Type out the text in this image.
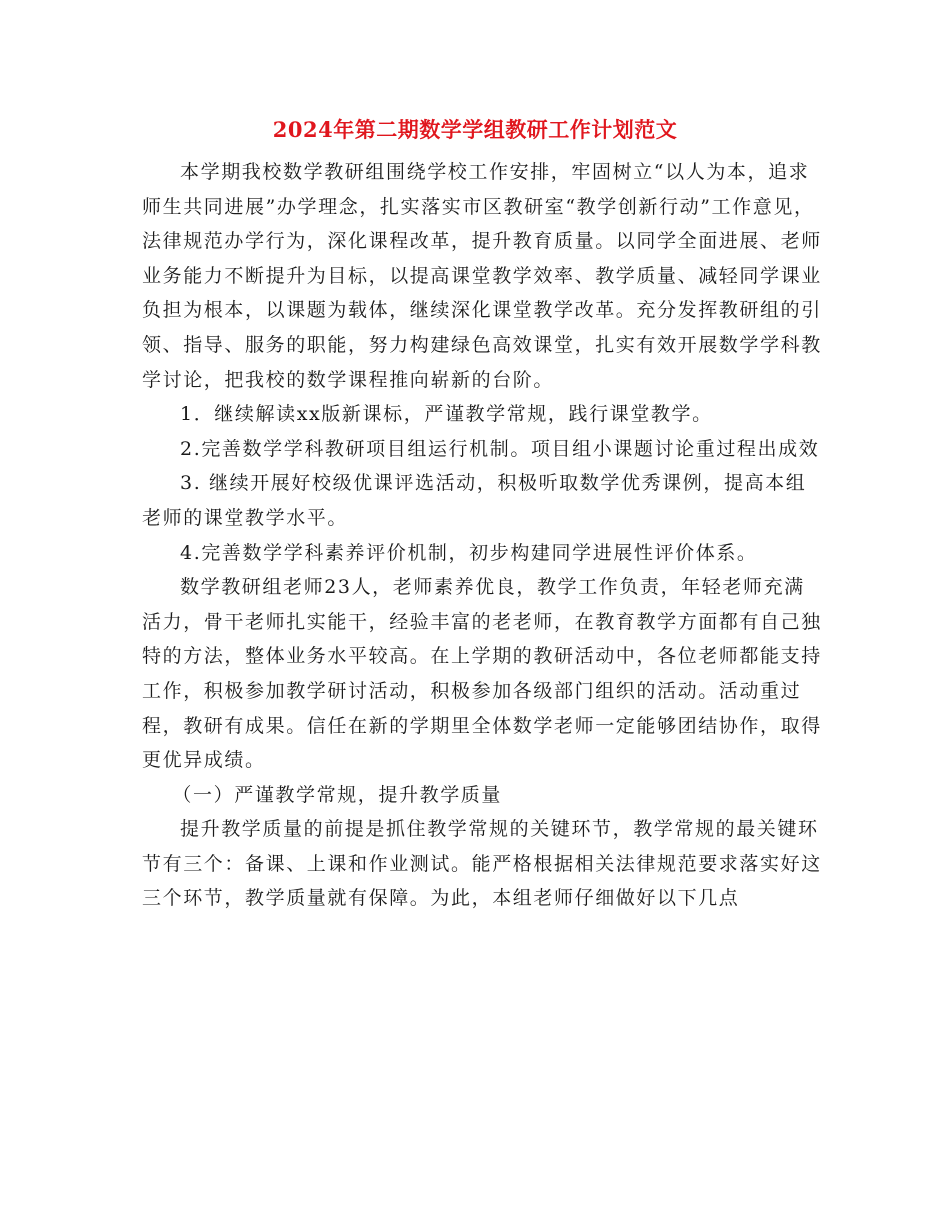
2024年第二期数学学组教研工作计划范文

本学期我校数学教研组围绕学校工作安排，牢固树立“以人为本，追求师生共同进展”办学理念，扎实落实市区教研室“教学创新行动”工作意见，法律规范办学行为，深化课程改革，提升教育质量。以同学全面进展、老师业务能力不断提升为目标，以提高课堂教学效率、教学质量、减轻同学课业负担为根本，以课题为载体，继续深化课堂教学改革。充分发挥教研组的引领、指导、服务的职能，努力构建绿色高效课堂，扎实有效开展数学学科教学讨论，把我校的数学课程推向崭新的台阶。

1．继续解读xx版新课标，严谨教学常规，践行课堂教学。

2.完善数学学科教研项目组运行机制。项目组小课题讨论重过程出成效

3. 继续开展好校级优课评选活动，积极听取数学优秀课例，提高本组老师的课堂教学水平。

4.完善数学学科素养评价机制，初步构建同学进展性评价体系。

数学教研组老师23人，老师素养优良，教学工作负责，年轻老师充满活力，骨干老师扎实能干，经验丰富的老老师，在教育教学方面都有自己独特的方法，整体业务水平较高。在上学期的教研活动中，各位老师都能支持工作，积极参加教学研讨活动，积极参加各级部门组织的活动。活动重过程，教研有成果。信任在新的学期里全体数学老师一定能够团结协作，取得更优异成绩。

（一）严谨教学常规，提升教学质量

提升教学质量的前提是抓住教学常规的关键环节，教学常规的最关键环节有三个：备课、上课和作业测试。能严格根据相关法律规范要求落实好这三个环节，教学质量就有保障。为此，本组老师仔细做好以下几点
